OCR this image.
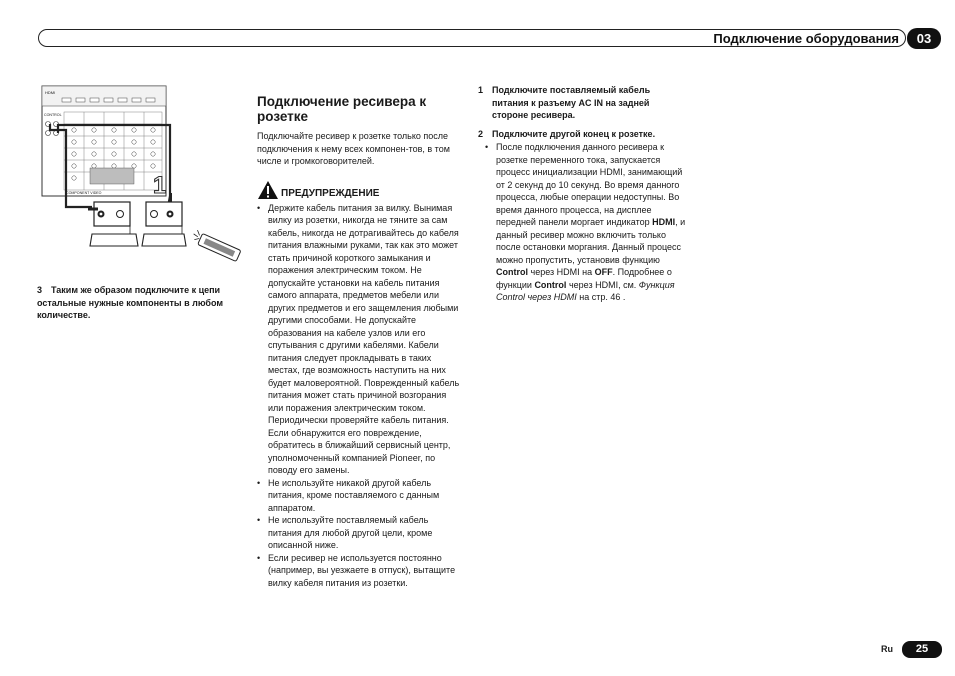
Подключение оборудования	03
HDMI
CONTROL
COMPONENT VIDEO 1
3 Таким же образом подключите к цепи остальные нужные компоненты в любом количестве.
Подключение ресивера к розетке
Подключайте ресивер к розетке только после подключения к нему всех компонен-тов, в том числе и громкоговорителей.
ПРЕДУПРЕЖДЕНИЕ
• Держите кабель питания за вилку. Вынимая вилку из розетки, никогда не тяните за сам кабель, никогда не дотрагивайтесь до кабеля питания влажными руками, так как это может стать причиной короткого замыкания и поражения электрическим током. Не допускайте установки на кабель питания самого аппарата, предметов мебели или других предметов и его защемления любыми другими способами. Не допускайте образования на кабеле узлов или его спутывания с другими кабелями. Кабели питания следует прокладывать в таких местах, где возможность наступить на них будет маловероятной. Поврежденный кабель питания может стать причиной возгорания или поражения электрическим током. Периодически проверяйте кабель питания. Если обнаружится его повреждение, обратитесь в ближайший сервисный центр, уполномоченный компанией Pioneer, по поводу его замены.
• Не используйте никакой другой кабель питания, кроме поставляемого с данным аппаратом.
• Не используйте поставляемый кабель питания для любой другой цели, кроме описанной ниже.
• Если ресивер не используется постоянно (например, вы уезжаете в отпуск), вытащите вилку кабеля питания из розетки.
1 Подключите поставляемый кабель питания к разъему AC IN на задней стороне ресивера.
2 Подключите другой конец к розетке.
• После подключения данного ресивера к розетке переменного тока, запускается процесс инициализации HDMI, занимающий от 2 секунд до 10 секунд. Во время данного процесса, любые операции недоступны. Во время данного процесса, на дисплее передней панели моргает индикатор HDMI, и данный ресивер можно включить только после остановки моргания. Данный процесс можно пропустить, установив функцию Control через HDMI на OFF. Подробнее о функции Control через HDMI, см. Функция Control через HDMI на стр. 46 .
Ru	25
